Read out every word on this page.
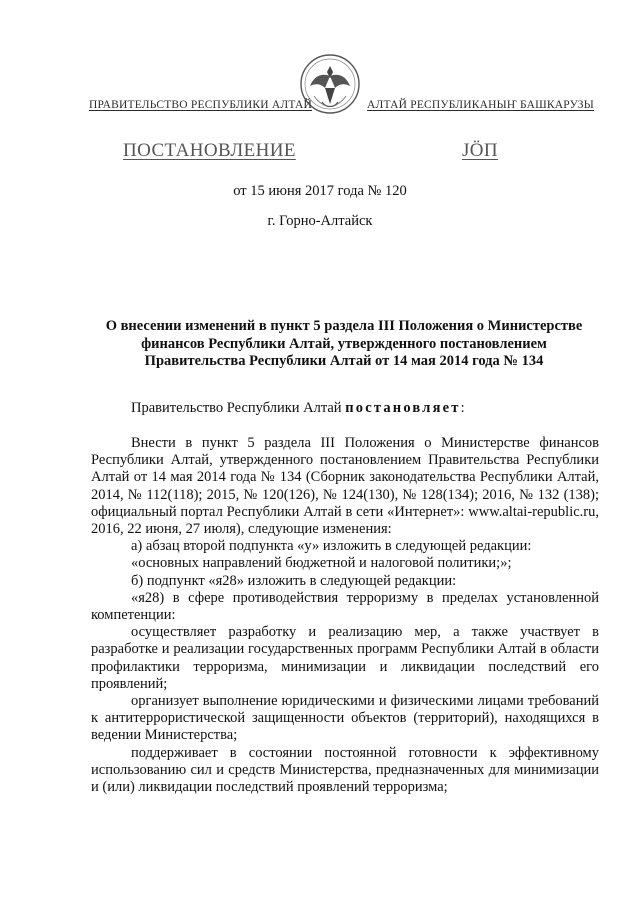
ПРАВИТЕЛЬСТВО РЕСПУБЛИКИ АЛТАЙ	АЛТАЙ РЕСПУБЛИКАНЫҤ БАШКАРУЗЫ
ПОСТАНОВЛЕНИЕ	ЈÖП
от 15 июня 2017 года № 120
г. Горно-Алтайск
О внесении изменений в пункт 5 раздела III Положения о Министерстве финансов Республики Алтай, утвержденного постановлением Правительства Республики Алтай от 14 мая 2014 года № 134

Правительство Республики Алтай постановляет:

Внести в пункт 5 раздела III Положения о Министерстве финансов Республики Алтай, утвержденного постановлением Правительства Республики Алтай от 14 мая 2014 года № 134 (Сборник законодательства Республики Алтай, 2014, № 112(118); 2015, № 120(126), № 124(130), № 128(134); 2016, № 132 (138); официальный портал Республики Алтай в сети «Интернет»: www.altai-republic.ru, 2016, 22 июня, 27 июля), следующие изменения:

а) абзац второй подпункта «у» изложить в следующей редакции:

«основных направлений бюджетной и налоговой политики;»;

б) подпункт «я28» изложить в следующей редакции:

«я28) в сфере противодействия терроризму в пределах установленной компетенции:

осуществляет разработку и реализацию мер, а также участвует в разработке и реализации государственных программ Республики Алтай в области профилактики терроризма, минимизации и ликвидации последствий его проявлений;

организует выполнение юридическими и физическими лицами требований к антитеррористической защищенности объектов (территорий), находящихся в ведении Министерства;

поддерживает в состоянии постоянной готовности к эффективному использованию сил и средств Министерства, предназначенных для минимизации и (или) ликвидации последствий проявлений терроризма;
